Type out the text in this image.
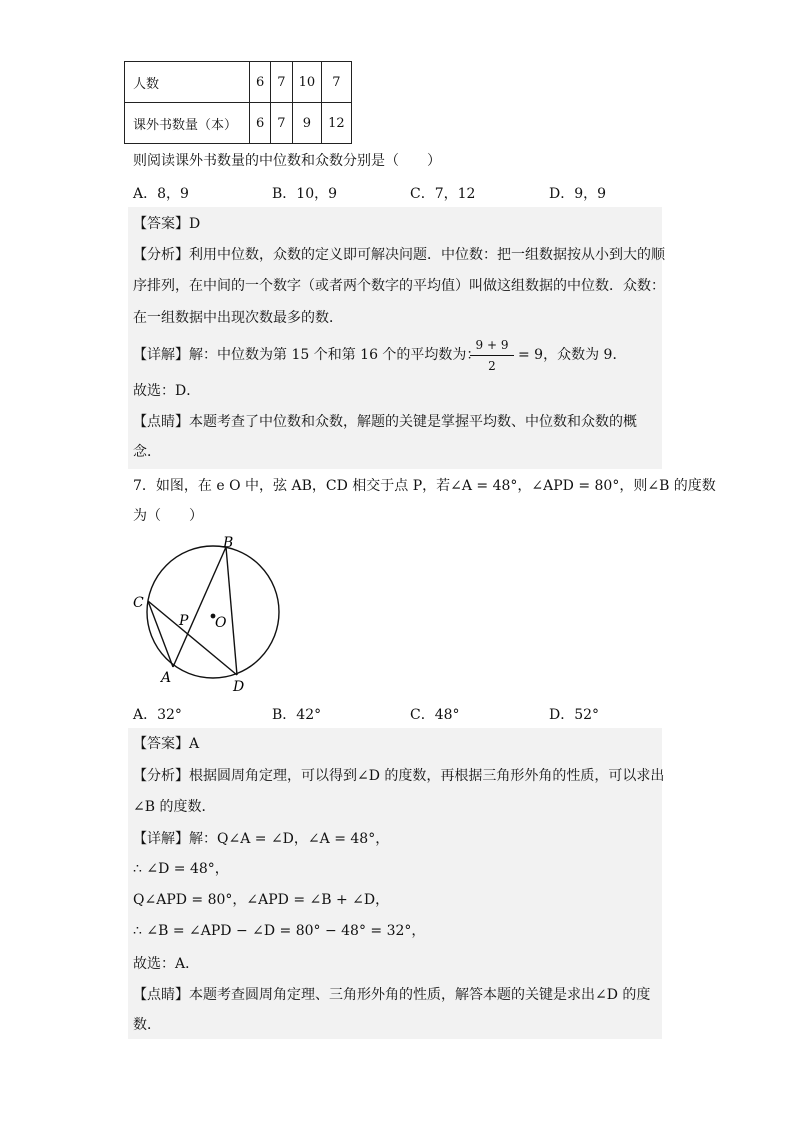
人数	6	7	10	7
课外书数量（本）	6	7	9	12
则阅读课外书数量的中位数和众数分别是（　　）
A．8，9	B．10，9	C．7，12	D．9，9
【答案】D
【分析】利用中位数，众数的定义即可解决问题．中位数：把一组数据按从小到大的顺
序排列，在中间的一个数字（或者两个数字的平均值）叫做这组数据的中位数．众数：
在一组数据中出现次数最多的数．
【详解】解：中位数为第 15 个和第 16 个的平均数为：
9 + 9
2
= 9，众数为 9．
故选：D．
【点睛】本题考查了中位数和众数，解题的关键是掌握平均数、中位数和众数的概
念．
7．如图，在 e O 中，弦 AB，CD 相交于点 P，若∠A = 48°，∠APD = 80°，则∠B 的度数
为（　　）
B
C
P O
A
D
A．32°	B．42°	C．48°	D．52°
【答案】A
【分析】根据圆周角定理，可以得到∠D 的度数，再根据三角形外角的性质，可以求出
∠B 的度数．
【详解】解：Q∠A = ∠D，∠A = 48°，
∴ ∠D = 48°，
Q∠APD = 80°，∠APD = ∠B + ∠D，
∴ ∠B = ∠APD − ∠D = 80° − 48° = 32°，
故选：A．
【点睛】本题考查圆周角定理、三角形外角的性质，解答本题的关键是求出∠D 的度
数．
